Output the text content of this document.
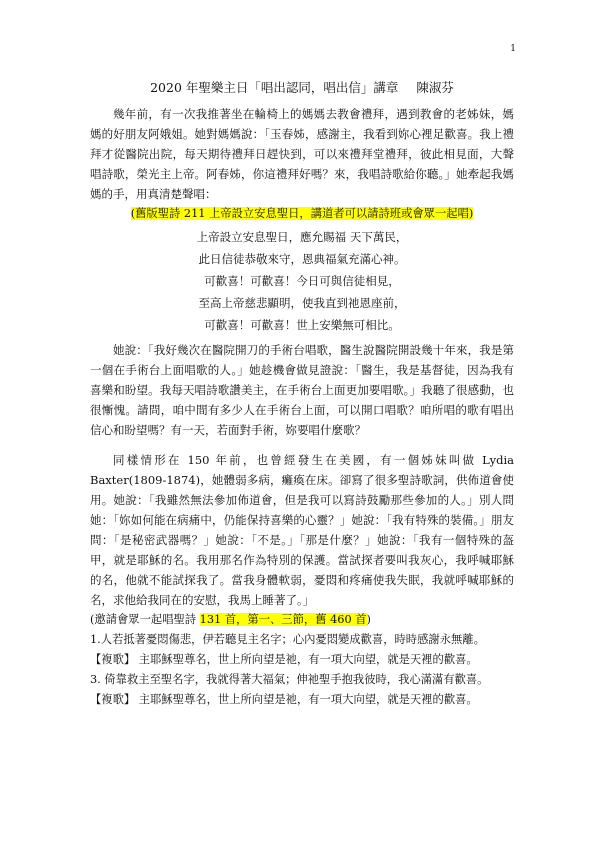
1
2020 年聖樂主日「唱出認同，唱出信」講章 陳淑芬

幾年前，有一次我推著坐在輪椅上的媽媽去教會禮拜，遇到教會的老姊妹，媽媽的好朋友阿娥姐。她對媽媽說：「玉春姊，感謝主，我看到妳心裡足歡喜。我上禮拜才從醫院出院，每天期待禮拜日趕快到，可以來禮拜堂禮拜，彼此相見面，大聲唱詩歌，榮光主上帝。阿春姊，你這禮拜好嗎？來，我唱詩歌給你聽。」她牽起我媽媽的手，用真清楚聲唱：

(舊版聖詩 211 上帝設立安息聖日，講道者可以請詩班或會眾一起唱)
上帝設立安息聖日，應允賜福 天下萬民，
此日信徒恭敬來守，恩典福氣充滿心神。
可歡喜！可歡喜！今日可與信徒相見，
至高上帝慈悲顯明，使我直到祂恩座前，
可歡喜！可歡喜！世上安樂無可相比。

她說：「我好幾次在醫院開刀的手術台唱歌，醫生說醫院開設幾十年來，我是第一個在手術台上面唱歌的人。」她趁機會做見證說：「醫生，我是基督徒，因為我有喜樂和盼望。我每天唱詩歌讚美主，在手術台上面更加要唱歌。」我聽了很感動，也很慚愧。請問，咱中間有多少人在手術台上面，可以開口唱歌？咱所唱的歌有唱出信心和盼望嗎？有一天，若面對手術，妳要唱什麼歌？

同樣情形在 150 年前，也曾經發生在美國，有一個姊妹叫做 Lydia Baxter(1809-1874)，她體弱多病，癱瘓在床。卻寫了很多聖詩歌詞，供佈道會使用。她說：「我雖然無法參加佈道會，但是我可以寫詩鼓勵那些參加的人。」別人問她：「妳如何能在病痛中，仍能保持喜樂的心靈？」她說：「我有特殊的裝備。」朋友問：「是秘密武器嗎？」她說：「不是。」「那是什麼？」她說：「我有一個特殊的盔甲，就是耶穌的名。我用那名作為特別的保護。當試探者要叫我灰心，我呼喊耶穌的名，他就不能試探我了。當我身體軟弱，憂悶和疼痛使我失眠，我就呼喊耶穌的名，求他給我同在的安慰，我馬上睡著了。」

(邀請會眾一起唱聖詩 131 首，第一、三節，舊 460 首)

1.人若抵著憂悶傷悲，伊若聽見主名字；心內憂悶變成歡喜，時時感謝永無離。

【複歌】 主耶穌聖尊名，世上所向望是祂，有一項大向望，就是天裡的歡喜。

3. 倚靠救主至聖名字，我就得著大福氣；伸祂聖手抱我彼時，我心滿滿有歡喜。

【複歌】 主耶穌聖尊名，世上所向望是祂，有一項大向望，就是天裡的歡喜。
